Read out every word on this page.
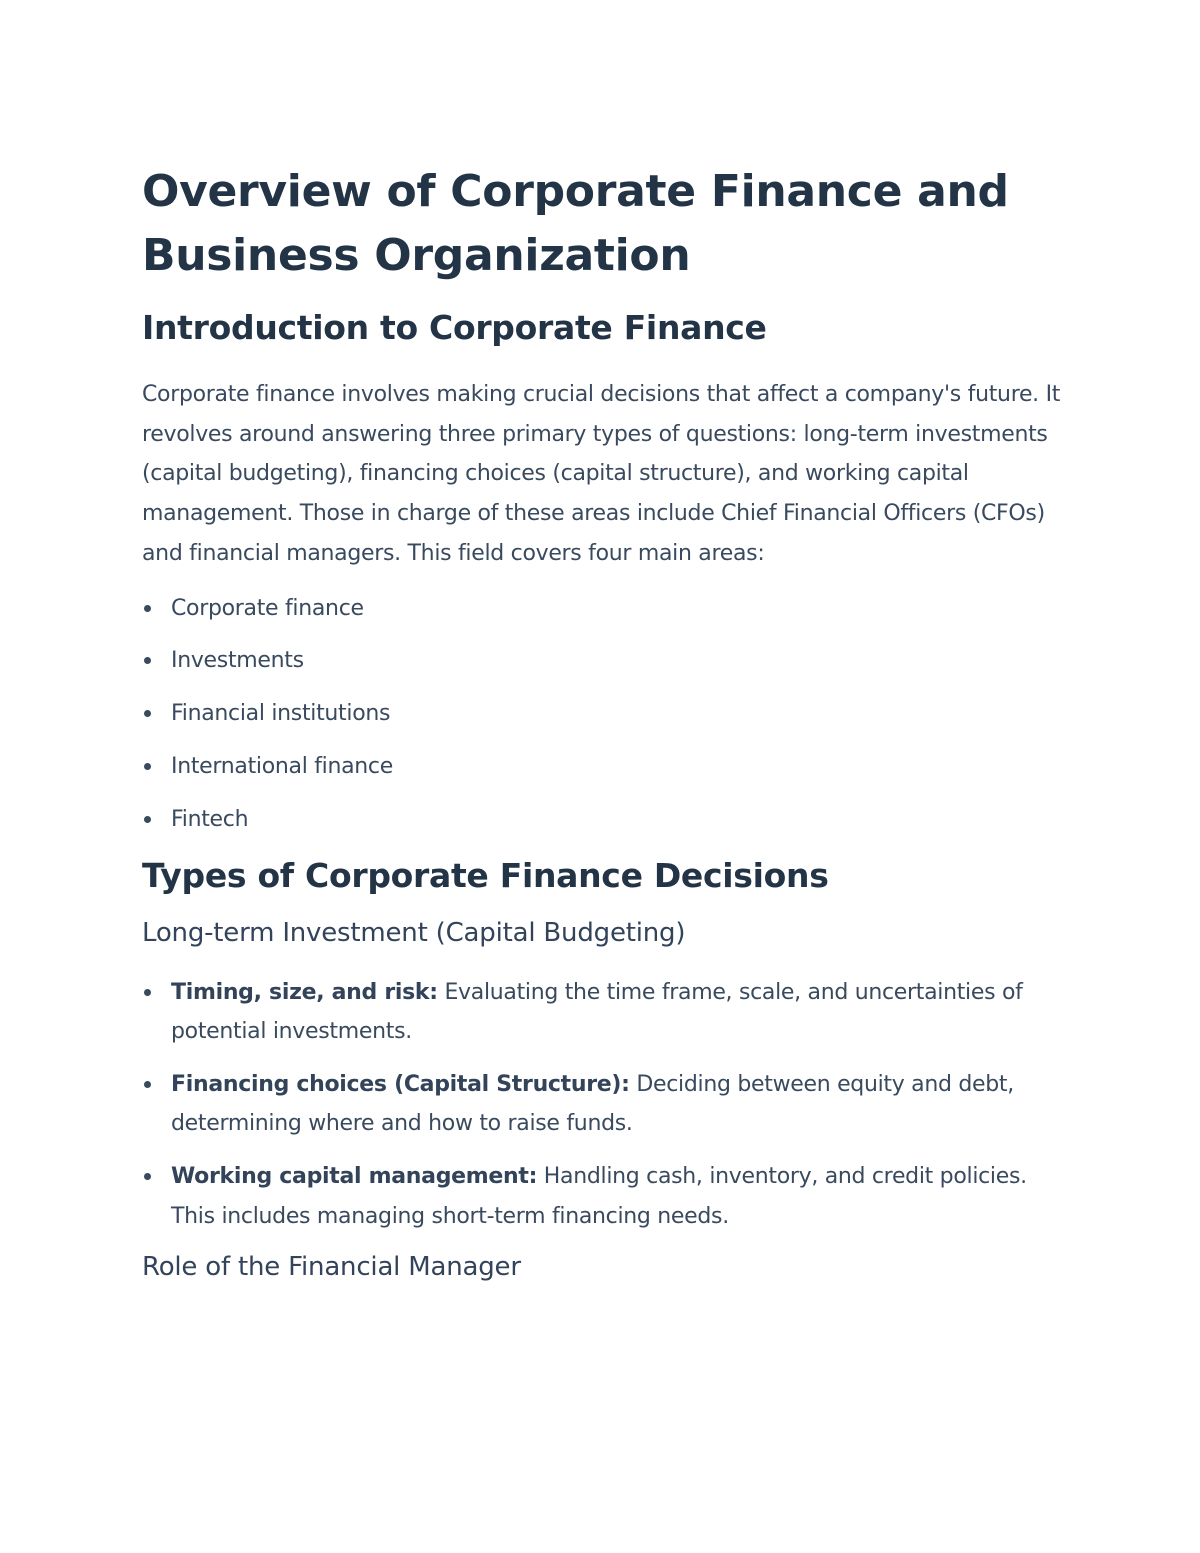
Overview of Corporate Finance and Business Organization
Introduction to Corporate Finance

Corporate finance involves making crucial decisions that affect a company's future. It revolves around answering three primary types of questions: long-term investments (capital budgeting), financing choices (capital structure), and working capital management. Those in charge of these areas include Chief Financial Officers (CFOs) and financial managers. This field covers four main areas:

Corporate finance
Investments
Financial institutions
International finance
Fintech
Types of Corporate Finance Decisions
Long-term Investment (Capital Budgeting)
Timing, size, and risk: Evaluating the time frame, scale, and uncertainties of potential investments.
Financing choices (Capital Structure): Deciding between equity and debt, determining where and how to raise funds.
Working capital management: Handling cash, inventory, and credit policies. This includes managing short-term financing needs.
Role of the Financial Manager
